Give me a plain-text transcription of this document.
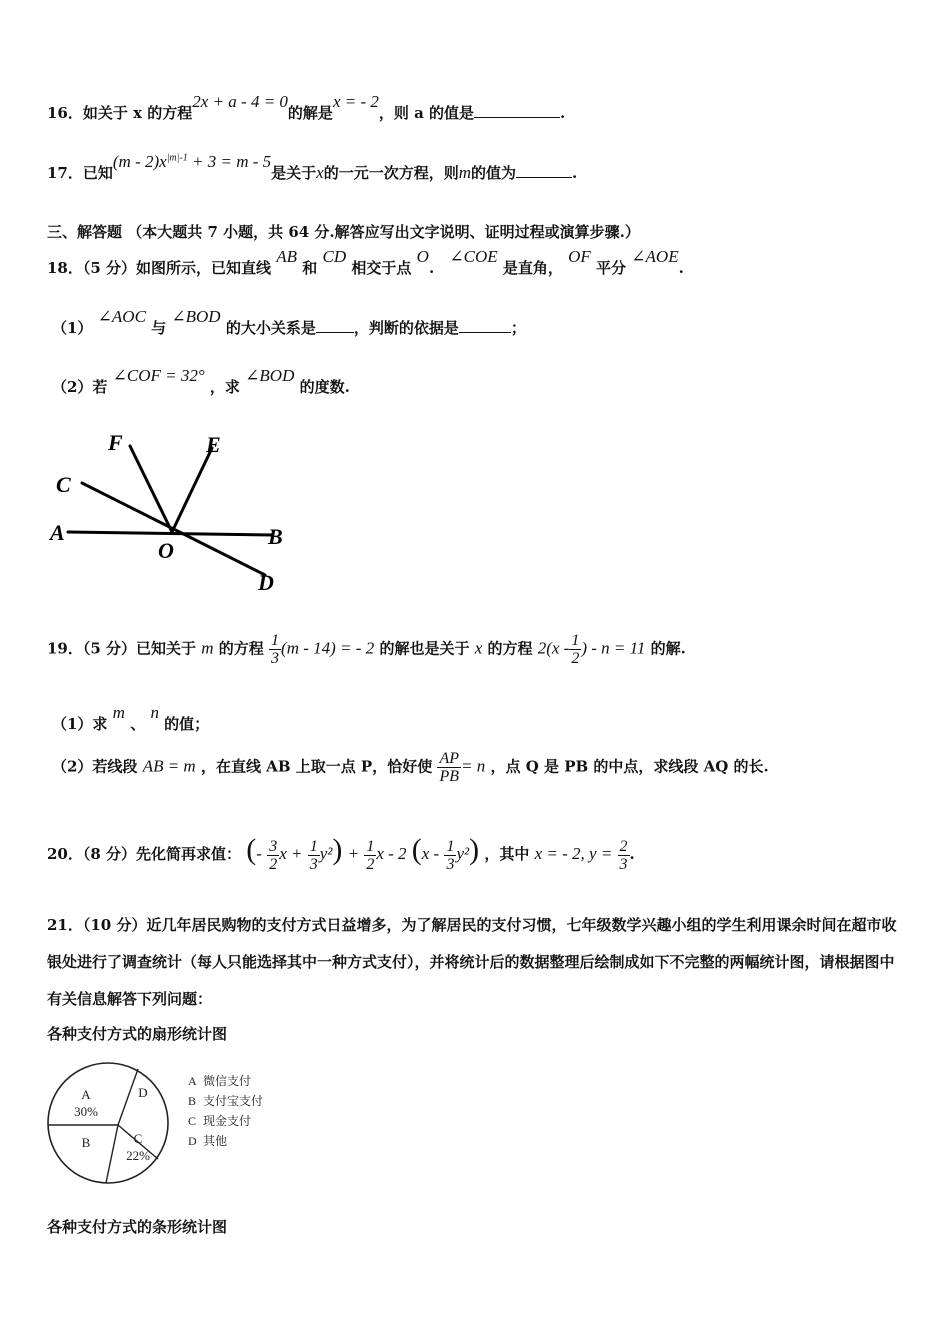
16．如关于 x 的方程2x + a - 4 = 0的解是x = - 2，则 a 的值是	.
17．已知$(m - 2)x^{|m|-1} + 3 = m - 5$是关于x的一元一次方程，则m的值为	.
三、解答题 （本大题共 7 小题，共 64 分.解答应写出文字说明、证明过程或演算步骤.）
18．（5 分）如图所示，已知直线 AB 和 CD 相交于点 O. ∠COE 是直角， OF 平分 ∠AOE.
（1） ∠AOC 与 ∠BOD 的大小关系是	，判断的依据是	；
（2）若 ∠COF = 32° ，求 ∠BOD 的度数.
F	E
C
A
O
B
D
19．（5 分）已知关于 m 的方程 $\frac{1}{3} (m - 14)$ = - 2 的解也是关于 x 的方程 $2(x - \frac{1}{2}$ ) - n = 11 的解.
（1）求 m 、 n 的值；
（2）若线段 AB = m ，在直线 AB 上取一点 P，恰好使 $\frac{AP}{PB} = n$ ，点 Q 是 PB 的中点，求线段 AQ 的长.
20．（8 分）先化简再求值： (- $\frac{3}{2}$ $x + \frac{1}{3} y^2) + \frac{1}{2}$ x - 2 $(x - \frac{1}{3} y^2)$ ，其中 x = - 2, $y = \frac{2}{3}$ .
21．（10 分）近几年居民购物的支付方式日益增多，为了解居民的支付习惯，七年级数学兴趣小组的学生利用课余时间在超市收银处进行了调查统计（每人只能选择其中一种方式支付），并将统计后的数据整理后绘制成如下不完整的两幅统计图，请根据图中有关信息解答下列问题：
各种支付方式的扇形统计图
A
30%
B	C
22%
D
A 微信支付
B 支付宝支付
C 现金支付
D 其他
各种支付方式的条形统计图
